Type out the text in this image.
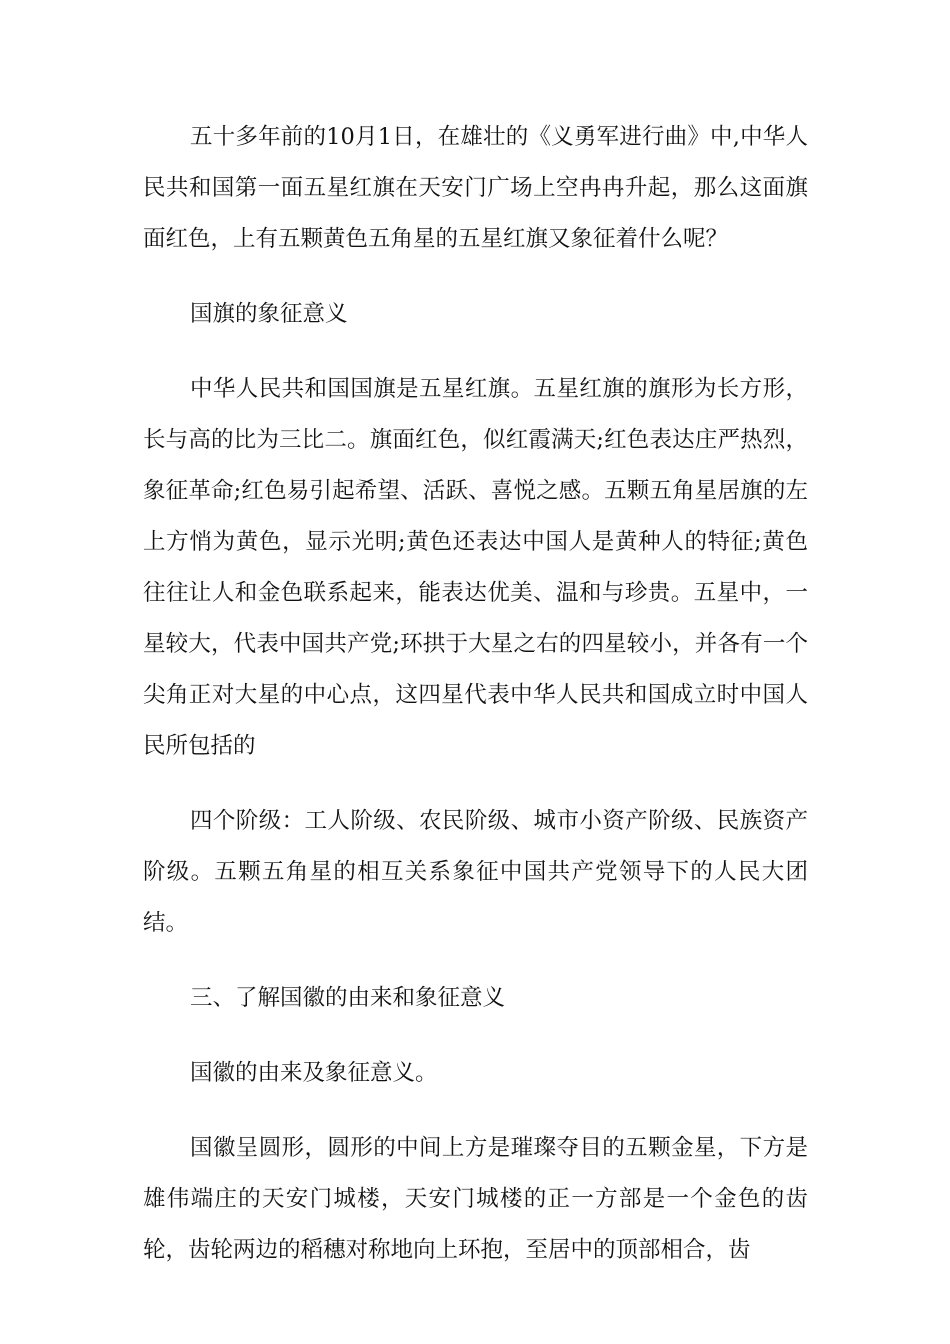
五十多年前的10月1日，在雄壮的《义勇军进行曲》中,中华人民共和国第一面五星红旗在天安门广场上空冉冉升起，那么这面旗面红色，上有五颗黄色五角星的五星红旗又象征着什么呢？

国旗的象征意义

中华人民共和国国旗是五星红旗。五星红旗的旗形为长方形，长与高的比为三比二。旗面红色，似红霞满天;红色表达庄严热烈，象征革命;红色易引起希望、活跃、喜悦之感。五颗五角星居旗的左上方悄为黄色，显示光明;黄色还表达中国人是黄种人的特征;黄色往往让人和金色联系起来，能表达优美、温和与珍贵。五星中，一星较大，代表中国共产党;环拱于大星之右的四星较小，并各有一个尖角正对大星的中心点，这四星代表中华人民共和国成立时中国人民所包括的

四个阶级：工人阶级、农民阶级、城市小资产阶级、民族资产阶级。五颗五角星的相互关系象征中国共产党领导下的人民大团结。

三、了解国徽的由来和象征意义

国徽的由来及象征意义。

国徽呈圆形，圆形的中间上方是璀璨夺目的五颗金星，下方是雄伟端庄的天安门城楼，天安门城楼的正一方部是一个金色的齿轮，齿轮两边的稻穗对称地向上环抱，至居中的顶部相合，齿
